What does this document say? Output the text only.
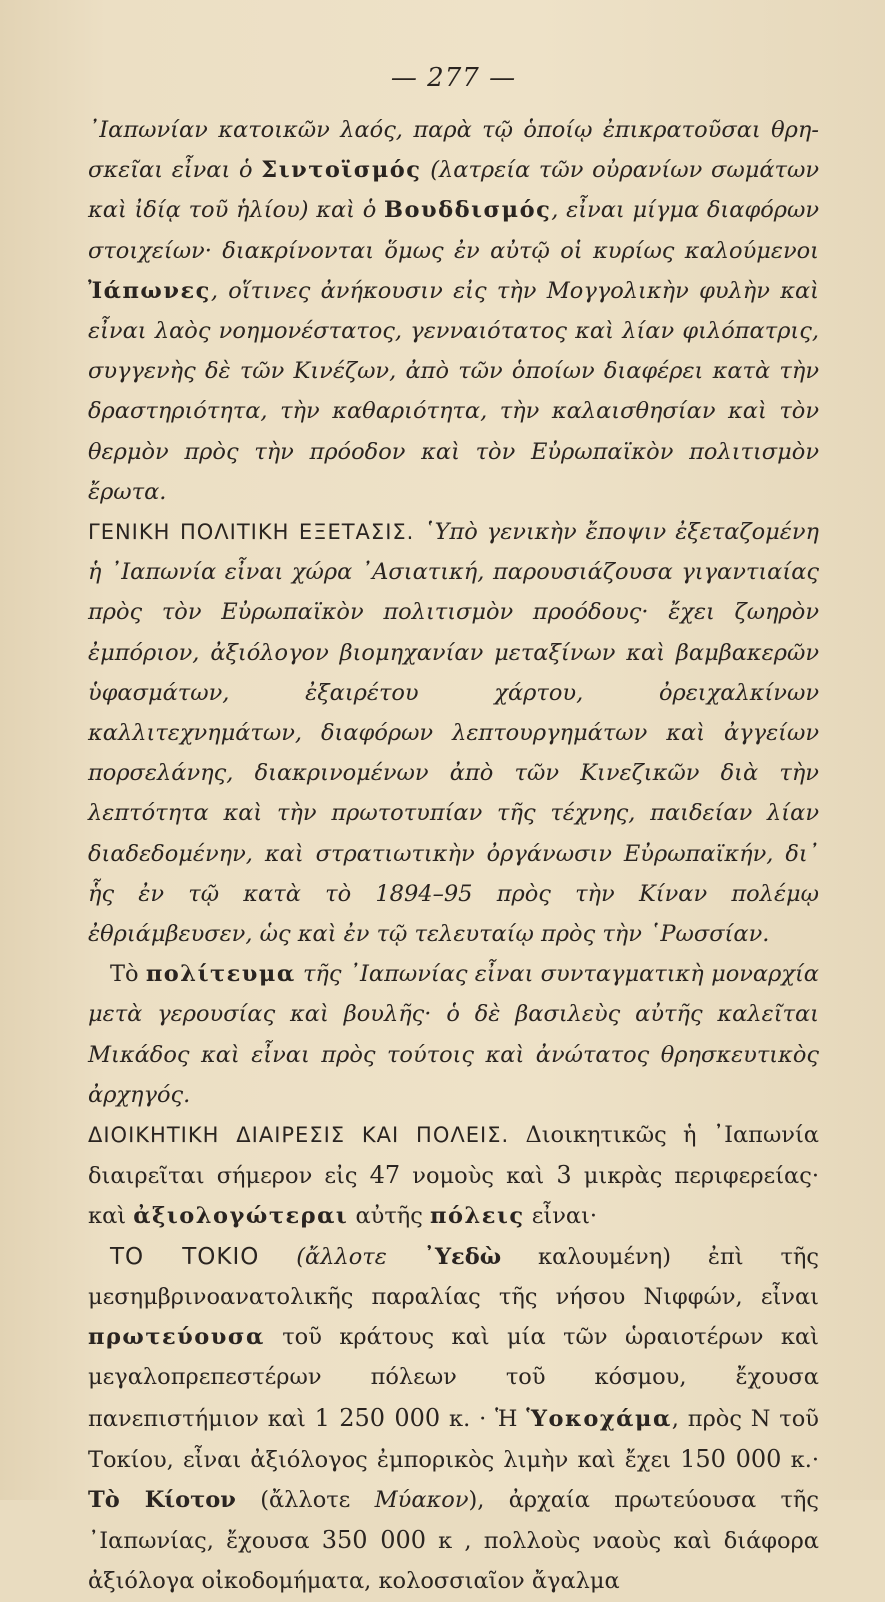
— 277 —

᾿Ιαπωνίαν κατοικῶν λαός, παρὰ τῷ ὁποίῳ ἐπικρατοῦσαι θρη-σκεῖαι εἶναι ὁ Σιντοϊσμός (λατρεία τῶν οὐρανίων σωμάτων καὶ ἰδίᾳ τοῦ ἡλίου) καὶ ὁ Βουδδισμός, εἶναι μίγμα διαφόρων στοιχείων· διακρίνονται ὅμως ἐν αὐτῷ οἱ κυρίως καλούμενοι Ἰάπωνες, οἵτινες ἀνήκουσιν εἰς τὴν Μογγολικὴν φυλὴν καὶ εἶναι λαὸς νοημονέστατος, γενναιότατος καὶ λίαν φιλόπατρις, συγγενὴς δὲ τῶν Κινέζων, ἀπὸ τῶν ὁποίων διαφέρει κατὰ τὴν δραστηριότητα, τὴν καθαριότητα, τὴν καλαισθησίαν καὶ τὸν θερμὸν πρὸς τὴν πρόοδον καὶ τὸν Εὐρωπαϊκὸν πολιτισμὸν ἔρωτα.

ΓΕΝΙΚΗ ΠΟΛΙΤΙΚΗ ΕΞΕΤΑΣΙΣ. ῾Υπὸ γενικὴν ἔποψιν ἐξεταζομένη ἡ ᾿Ιαπωνία εἶναι χώρα ᾿Ασιατική, παρουσιάζουσα γιγαντιαίας πρὸς τὸν Εὐρωπαϊκὸν πολιτισμὸν προόδους· ἔχει ζωηρὸν ἐμπόριον, ἀξιόλογον βιομηχανίαν μεταξίνων καὶ βαμβακερῶν ὑφασμάτων, ἐξαιρέτου χάρτου, ὀρειχαλκίνων καλλιτεχνημάτων, διαφόρων λεπτουργημάτων καὶ ἀγγείων πορσελάνης, διακρινομένων ἀπὸ τῶν Κινεζικῶν διὰ τὴν λεπτότητα καὶ τὴν πρωτοτυπίαν τῆς τέχνης, παιδείαν λίαν διαδεδομένην, καὶ στρατιωτικὴν ὀργάνωσιν Εὐρωπαϊκήν, δι᾿ ἧς ἐν τῷ κατὰ τὸ 1894–95 πρὸς τὴν Κίναν πολέμῳ ἐθριάμβευσεν, ὡς καὶ ἐν τῷ τελευταίῳ πρὸς τὴν ῾Ρωσσίαν.

Τὸ πολίτευμα τῆς ᾿Ιαπωνίας εἶναι συνταγματικὴ μοναρχία μετὰ γερουσίας καὶ βουλῆς· ὁ δὲ βασιλεὺς αὐτῆς καλεῖται Μικάδος καὶ εἶναι πρὸς τούτοις καὶ ἀνώτατος θρησκευτικὸς ἀρχηγός.

ΔΙΟΙΚΗΤΙΚΗ ΔΙΑΙΡΕΣΙΣ ΚΑΙ ΠΟΛΕΙΣ. Διοικητικῶς ἡ ᾿Ιαπωνία διαιρεῖται σήμερον εἰς 47 νομοὺς καὶ 3 μικρὰς περιφερείας· καὶ ἀξιολογώτεραι αὐτῆς πόλεις εἶναι·

ΤΟ ΤΟΚΙΟ (ἄλλοτε ᾿Υεδὼ καλουμένη) ἐπὶ τῆς μεσημβρινοανατολικῆς παραλίας τῆς νήσου Νιφφών, εἶναι πρωτεύουσα τοῦ κράτους καὶ μία τῶν ὡραιοτέρων καὶ μεγαλοπρεπεστέρων πόλεων τοῦ κόσμου, ἔχουσα πανεπιστήμιον καὶ 1 250 000 κ. · Ἡ Ὑοκοχάμα, πρὸς Ν τοῦ Τοκίου, εἶναι ἀξιόλογος ἐμπορικὸς λιμὴν καὶ ἔχει 150 000 κ.· Τὸ Κίοτον (ἄλλοτε Μύακον), ἀρχαία πρωτεύουσα τῆς ᾿Ιαπωνίας, ἔχουσα 350 000 κ , πολλοὺς ναοὺς καὶ διάφορα ἀξιόλογα οἰκοδομήματα, κολοσσιαῖον ἄγαλμα
